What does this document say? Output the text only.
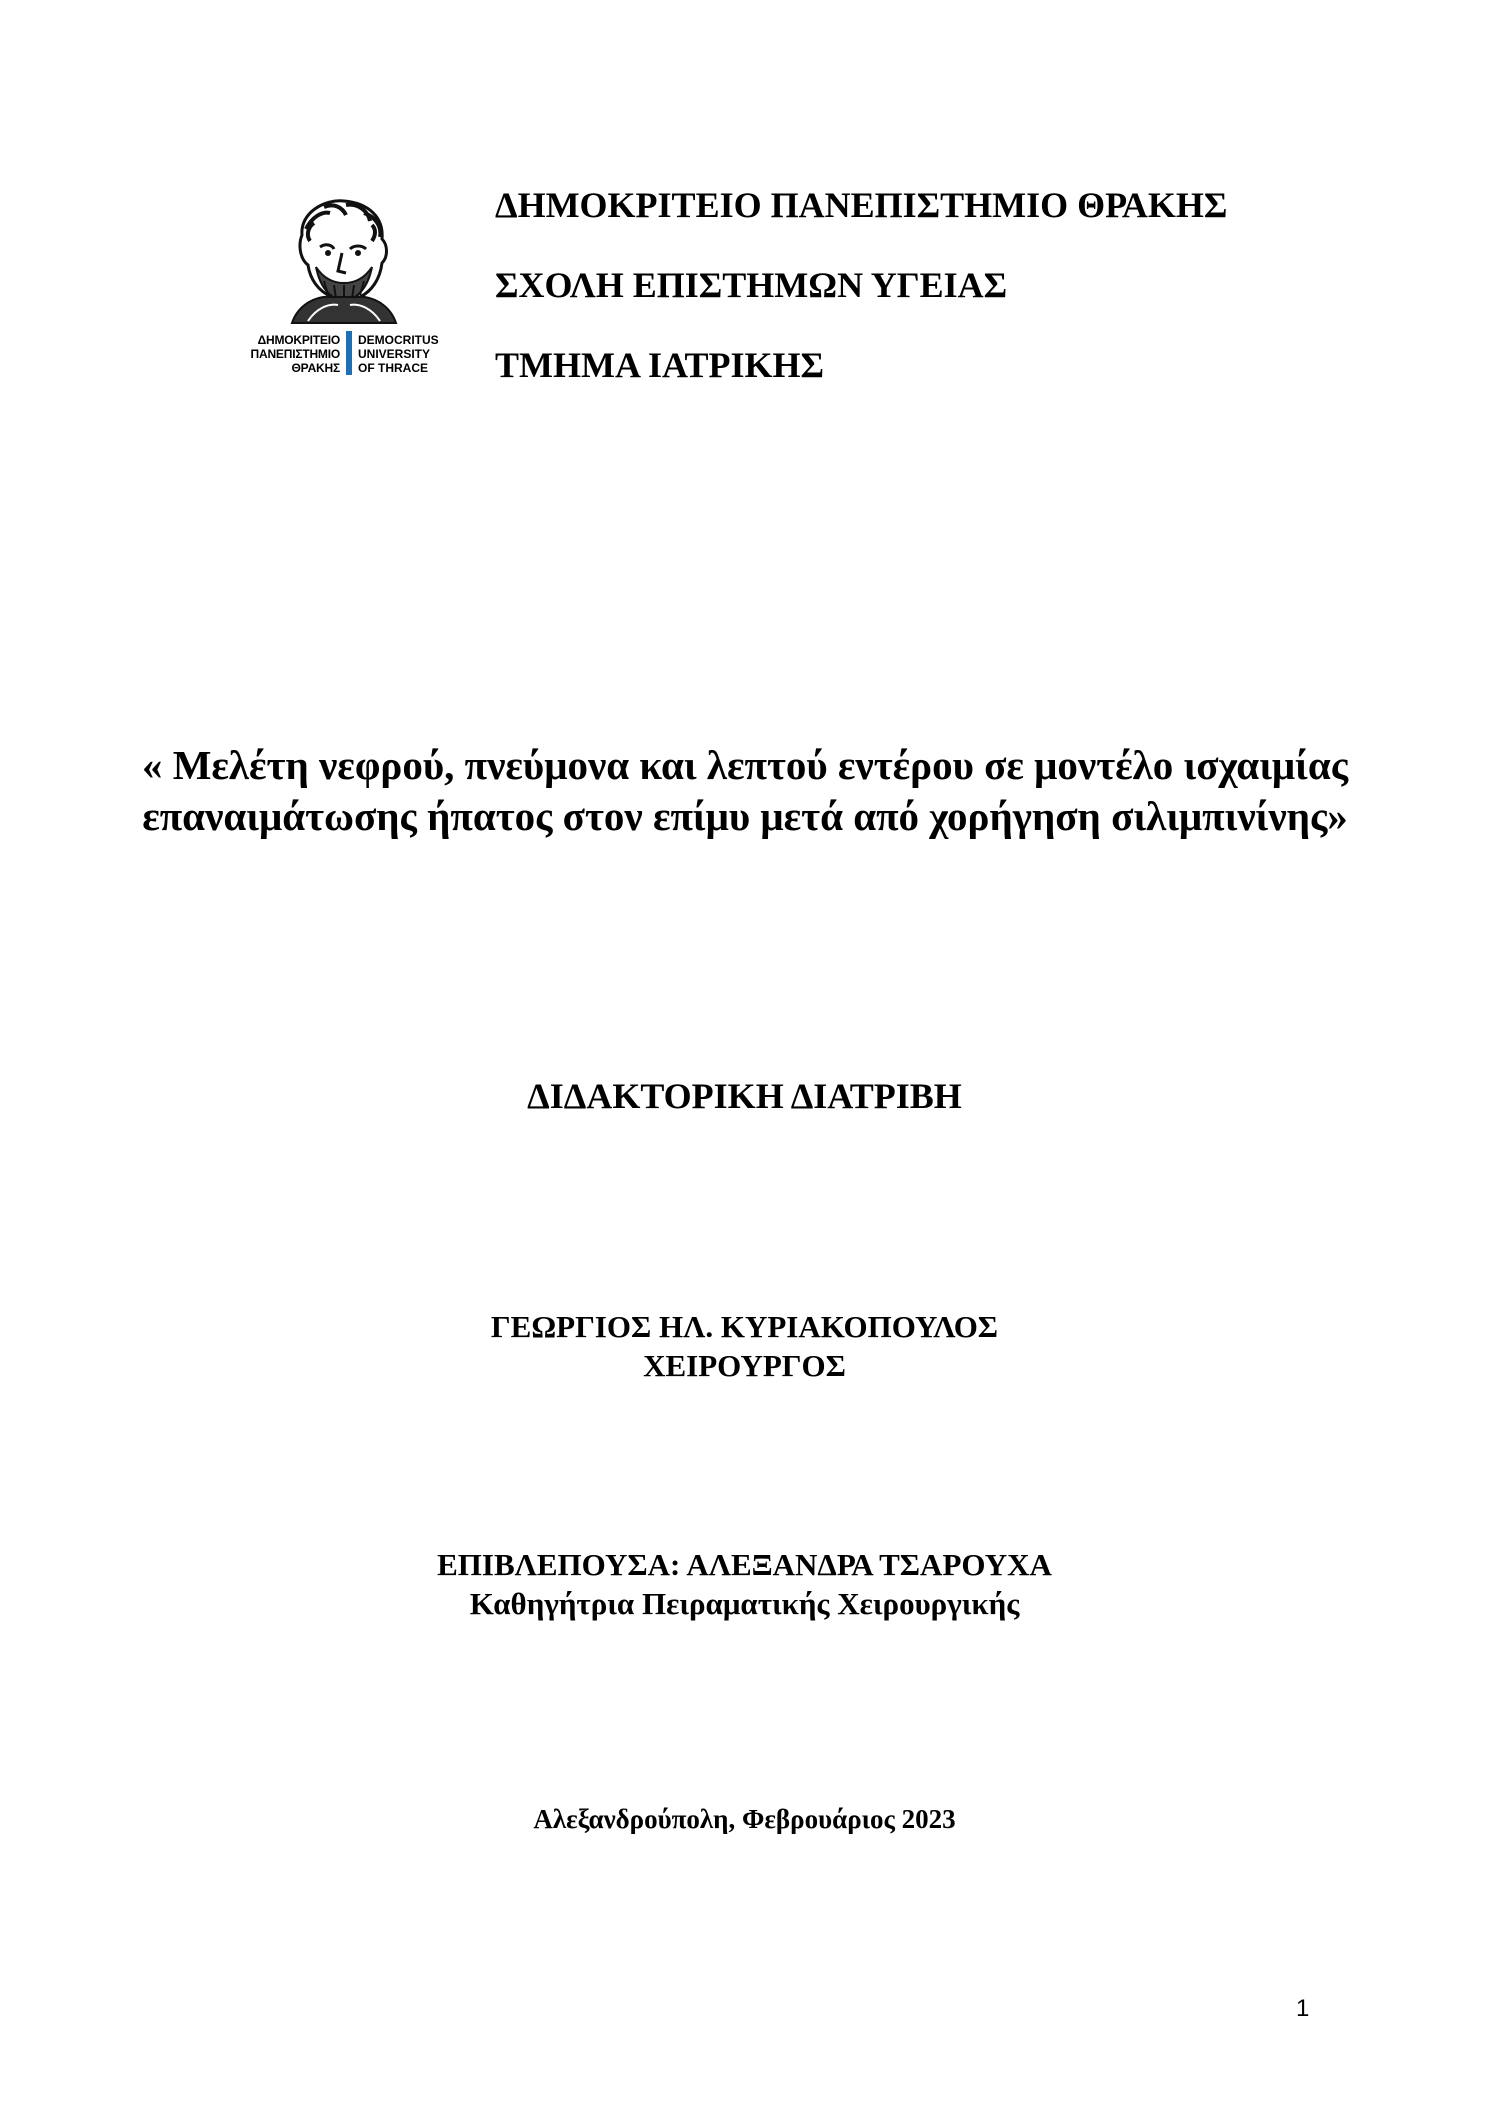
ΔΗΜΟΚΡΙΤΕΙΟ
ΠΑΝΕΠΙΣΤΗΜΙΟ
ΘΡΑΚΗΣ
DEMOCRITUS
UNIVERSITY
OF THRACE
ΔΗΜΟΚΡΙΤΕΙΟ ΠΑΝΕΠΙΣΤΗΜΙΟ ΘΡΑΚΗΣ
ΣΧΟΛΗ ΕΠΙΣΤΗΜΩΝ ΥΓΕΙΑΣ
ΤΜΗΜΑ ΙΑΤΡΙΚΗΣ
« Μελέτη νεφρού, πνεύμονα και λεπτού εντέρου σε μοντέλο ισχαιμίας επαναιμάτωσης ήπατος στον επίμυ μετά από χορήγηση σιλιμπινίνης»
ΔΙΔΑΚΤΟΡΙΚΗ ΔΙΑΤΡΙΒΗ
ΓΕΩΡΓΙΟΣ ΗΛ. ΚΥΡΙΑΚΟΠΟΥΛΟΣ
ΧΕΙΡΟΥΡΓΟΣ
ΕΠΙΒΛΕΠΟΥΣΑ: ΑΛΕΞΑΝΔΡΑ ΤΣΑΡΟΥΧΑ
Καθηγήτρια Πειραματικής Χειρουργικής
Αλεξανδρούπολη, Φεβρουάριος 2023
1
